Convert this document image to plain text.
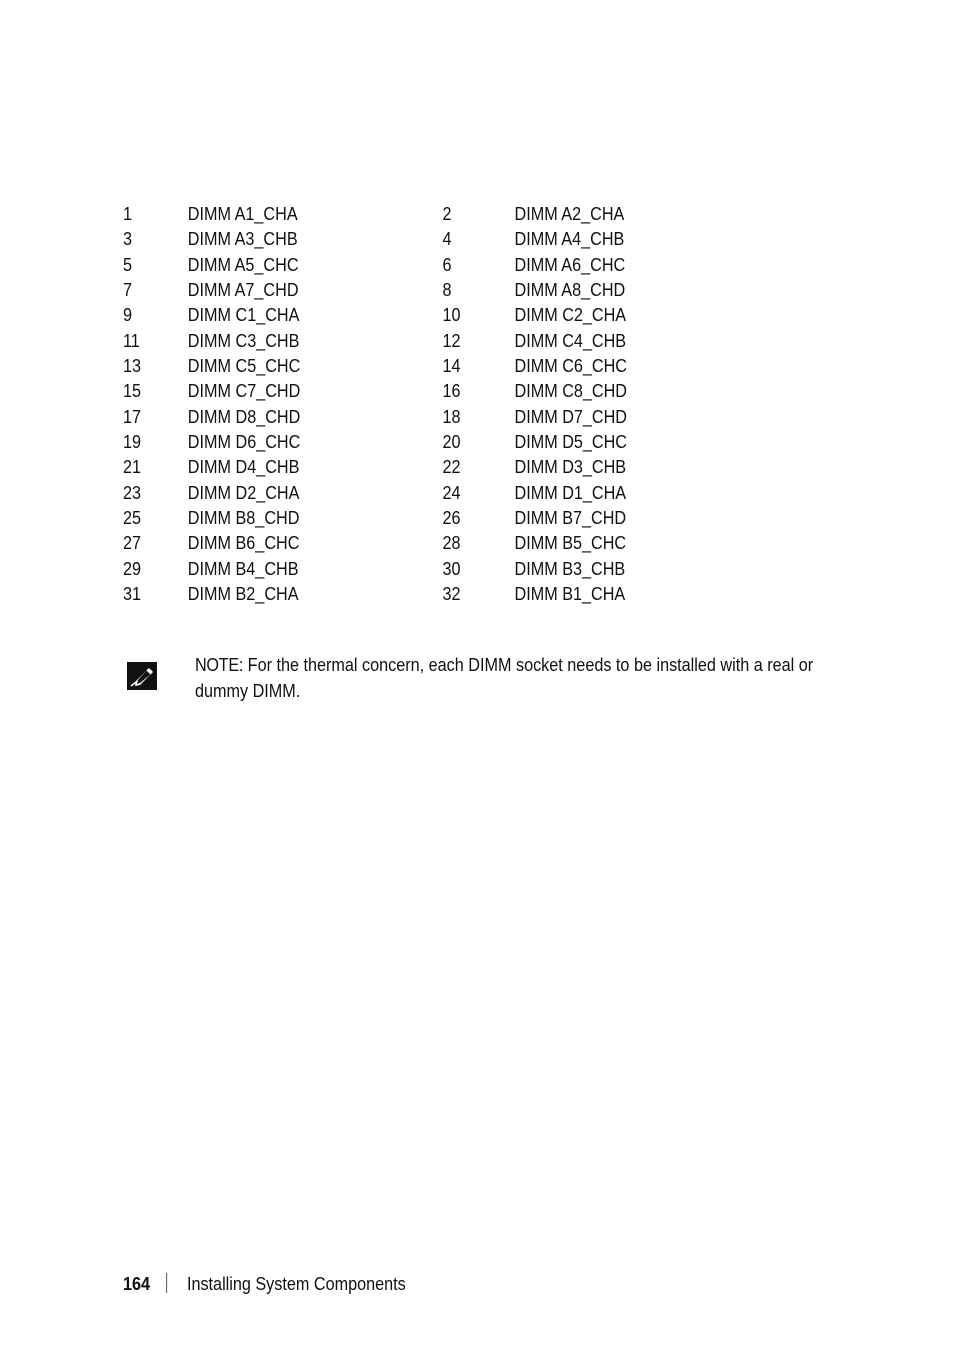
1	DIMM A1_CHA	2	DIMM A2_CHA
3	DIMM A3_CHB	4	DIMM A4_CHB
5	DIMM A5_CHC	6	DIMM A6_CHC
7	DIMM A7_CHD	8	DIMM A8_CHD
9	DIMM C1_CHA	10	DIMM C2_CHA
11	DIMM C3_CHB	12	DIMM C4_CHB
13	DIMM C5_CHC	14	DIMM C6_CHC
15	DIMM C7_CHD	16	DIMM C8_CHD
17	DIMM D8_CHD	18	DIMM D7_CHD
19	DIMM D6_CHC	20	DIMM D5_CHC
21	DIMM D4_CHB	22	DIMM D3_CHB
23	DIMM D2_CHA	24	DIMM D1_CHA
25	DIMM B8_CHD	26	DIMM B7_CHD
27	DIMM B6_CHC	28	DIMM B5_CHC
29	DIMM B4_CHB	30	DIMM B3_CHB
31	DIMM B2_CHA	32	DIMM B1_CHA
NOTE: For the thermal concern, each DIMM socket needs to be installed with a real or dummy DIMM.
164 Installing System Components
